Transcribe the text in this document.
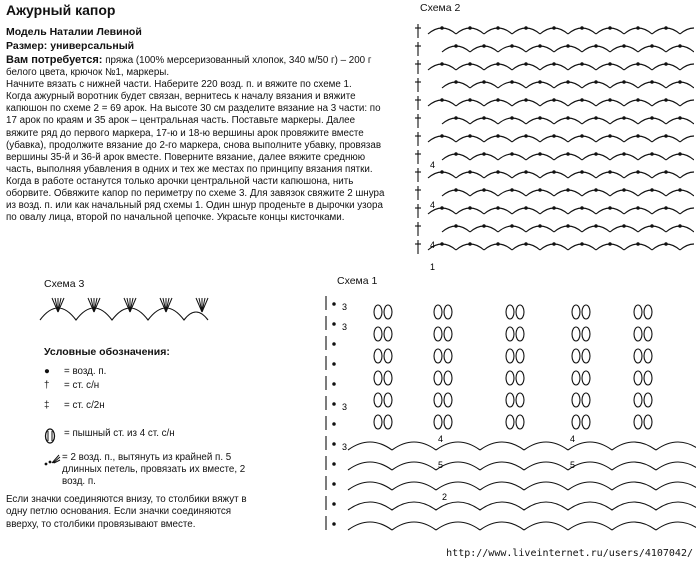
Ажурный капор
Модель Наталии Левиной
Размер: универсальный

Вам потребуется: пряжа (100% мерсеризованный хлопок, 340 м/50 г) – 200 г белого цвета, крючок №1, маркеры.

Начните вязать с нижней части. Наберите 220 возд. п. и вяжите по схеме 1.

Когда ажурный воротник будет связан, вернитесь к началу вязания и вяжите капюшон по схеме 2 = 69 арок. На высоте 30 см разделите вязание на 3 части: по 17 арок по краям и 35 арок – центральная часть. Поставьте маркеры. Далее вяжите ряд до первого маркера, 17-ю и 18-ю вершины арок провяжите вместе (убавка), продолжите вязание до 2-го маркера, снова выполните убавку, провязав вершины 35-й и 36-й арок вместе. Поверните вязание, далее вяжите среднюю часть, выполняя убавления в одних и тех же местах по принципу вязания пятки. Когда в работе останутся только арочки центральной части капюшона, нить оборвите. Обвяжите капор по периметру по схеме 3. Для завязок свяжите 2 шнура из возд. п. или как начальный ряд схемы 1. Один шнур проденьте в дырочки узора по овалу лица, второй по начальной цепочке. Украсьте концы кисточками.

Схема 2
Схема 3	Схема 1
4
4
4
1
3
3
3
3
4	4
5	5
2
Условные обозначения:
●	= возд. п.
†	= ст. с/н
‡	= ст. с/2н
= пышный ст. из 4 ст. с/н
= 2 возд. п., вытянуть из крайней п. 5 длинных петель, провязать их вместе, 2 возд. п.
Если значки соединяются внизу, то столбики вяжут в одну петлю основания. Если значки соединяются вверху, то столбики провязывают вместе.
http://www.liveinternet.ru/users/4107042/
